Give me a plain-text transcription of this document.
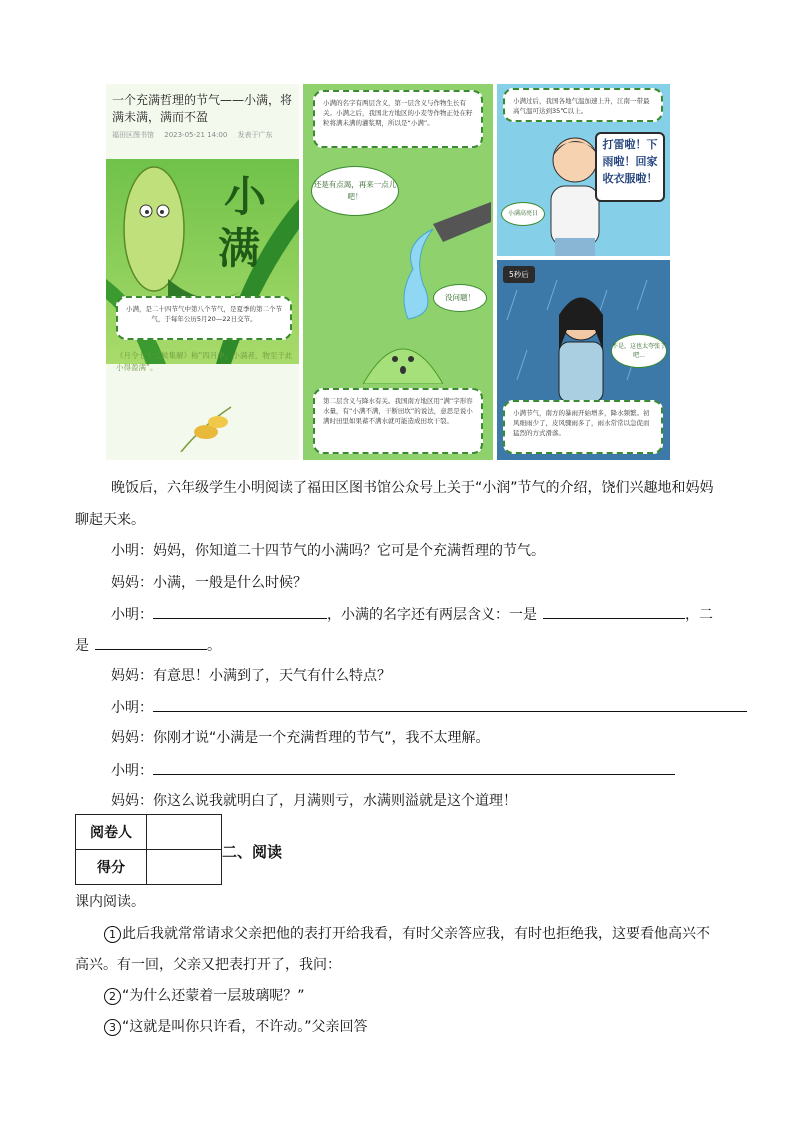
一个充满哲理的节气——小满，将满未满，满而不盈
福田区图书馆 2023-05-21 14:00 发表于广东
小
满
小满，是二十四节气中第八个节气，是夏季的第二个节气，于每年公历5月20—22日交节。
《月令七十二候集解》称“四月中，小满者，物至于此小得盈满”。
小满的名字有两层含义，第一层含义与作物生长有关。小满之后，我国北方地区的小麦等作物正处在籽粒将满未满的灌浆期，所以是“小满”。
还是有点渴，再来一点儿吧！
没问题！
第二层含义与降水有关。我国南方地区用“满”字形容水量，有“小满不满，干断田坎”的说法，意思是说小满时田里如果蓄不满水就可能造成田坎干裂。
小满过后，我国各地气温加速上升，江南一带最高气温可达到35℃以上。
打雷啦！下雨啦！回家收衣服啦！
小满高亮日
5秒后
不是，这也太夸张了吧...
小满节气，南方的暴雨开始增多，降水频繁。初风细雨少了，皮风骤雨多了，雨水常常以急促而猛烈的方式滑落。
晚饭后，六年级学生小明阅读了福田区图书馆公众号上关于“小润”节气的介绍，饶们兴趣地和妈妈
聊起天来。
小明：妈妈，你知道二十四节气的小满吗？它可是个充满哲理的节气。
妈妈：小满，一般是什么时候？
小明：	，小满的名字还有两层含义：一是	，二
是	。
妈妈：有意思！小满到了，天气有什么特点？
小明：
妈妈：你刚才说“小满是一个充满哲理的节气”，我不太理解。
小明：
妈妈：你这么说我就明白了，月满则亏，水满则溢就是这个道理！
阅卷人	
得分	
二、阅读
课内阅读。
1 此后我就常常请求父亲把他的表打开给我看，有时父亲答应我，有时也拒绝我，这要看他高兴不
高兴。有一回，父亲又把表打开了，我问：
2 “为什么还蒙着一层玻璃呢？”
3 “这就是叫你只许看，不许动。”父亲回答
